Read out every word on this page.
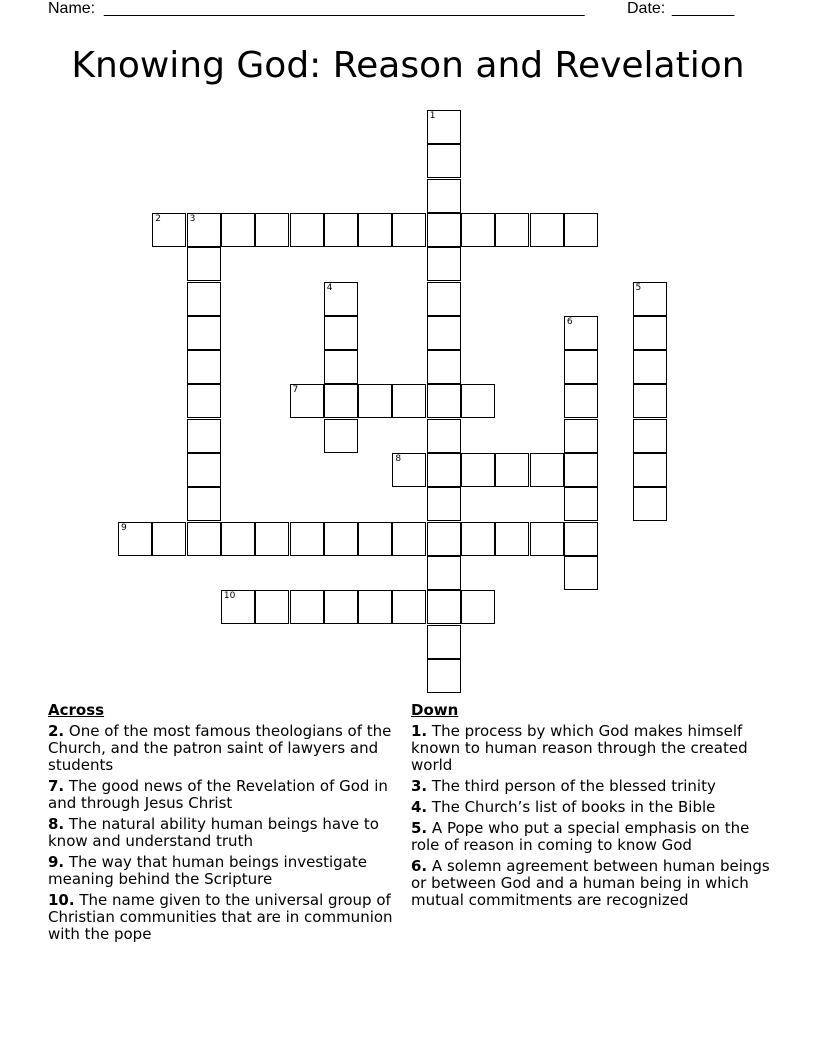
Name: ______________________________________________________	Date: _______
Knowing God: Reason and Revelation
1
2	3
4	5
6
7
8
9
10
Across
2. One of the most famous theologians of the Church, and the patron saint of lawyers and students
7. The good news of the Revelation of God in and through Jesus Christ
8. The natural ability human beings have to know and understand truth
9. The way that human beings investigate meaning behind the Scripture
10. The name given to the universal group of Christian communities that are in communion with the pope
Down
1. The process by which God makes himself known to human reason through the created world
3. The third person of the blessed trinity
4. The Church’s list of books in the Bible
5. A Pope who put a special emphasis on the role of reason in coming to know God
6. A solemn agreement between human beings or between God and a human being in which mutual commitments are recognized
